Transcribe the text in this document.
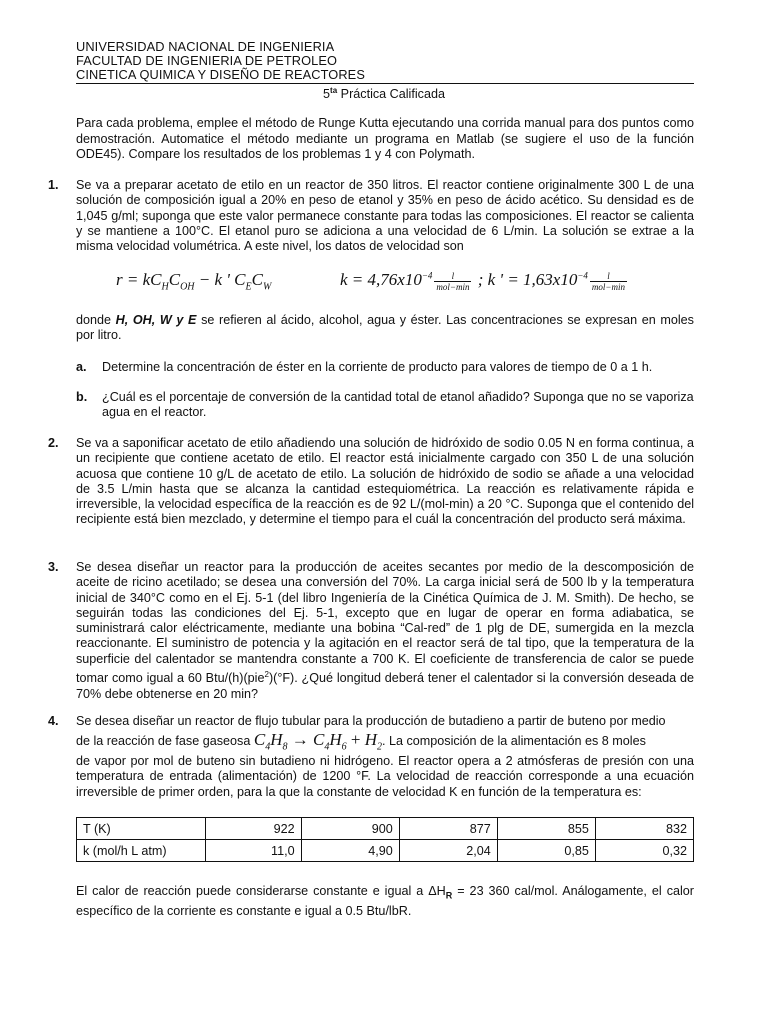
UNIVERSIDAD NACIONAL DE INGENIERIA
FACULTAD DE INGENIERIA DE PETROLEO
CINETICA QUIMICA Y DISEÑO DE REACTORES
$5^{ta}$ Práctica Calificada
Para cada problema, emplee el método de Runge Kutta ejecutando una corrida manual para dos puntos como demostración. Automatice el método mediante un programa en Matlab (se sugiere el uso de la función ODE45). Compare los resultados de los problemas 1 y 4 con Polymath.
1. Se va a preparar acetato de etilo en un reactor de 350 litros. El reactor contiene originalmente 300 L de una solución de composición igual a 20% en peso de etanol y 35% en peso de ácido acético. Su densidad es de 1,045 g/ml; suponga que este valor permanece constante para todas las composiciones. El reactor se calienta y se mantiene a 100°C. El etanol puro se adiciona a una velocidad de 6 L/min. La solución se extrae a la misma velocidad volumétrica. A este nivel, los datos de velocidad son
$r = kC_HC_{OH} - k$ ' $C_EC_W$	$k = 4,76x10^{-4} \frac{l}{\text{mol−min}}$ ; k ' = $1,63x10^{-4} \frac{l}{\text{mol−min}}$
donde H, OH, W y E se refieren al ácido, alcohol, agua y éster. Las concentraciones se expresan en moles por litro.
a. Determine la concentración de éster en la corriente de producto para valores de tiempo de 0 a 1 h.
b. ¿Cuál es el porcentaje de conversión de la cantidad total de etanol añadido? Suponga que no se vaporiza agua en el reactor.
2. Se va a saponificar acetato de etilo añadiendo una solución de hidróxido de sodio 0.05 N en forma continua, a un recipiente que contiene acetato de etilo. El reactor está inicialmente cargado con 350 L de una solución acuosa que contiene 10 g/L de acetato de etilo. La solución de hidróxido de sodio se añade a una velocidad de 3.5 L/min hasta que se alcanza la cantidad estequiométrica. La reacción es relativamente rápida e irreversible, la velocidad específica de la reacción es de 92 L/(mol-min) a 20 °C. Suponga que el contenido del recipiente está bien mezclado, y determine el tiempo para el cuál la concentración del producto será máxima.
3. Se desea diseñar un reactor para la producción de aceites secantes por medio de la descomposición de aceite de ricino acetilado; se desea una conversión del 70%. La carga inicial será de 500 lb y la temperatura inicial de 340°C como en el Ej. 5-1 (del libro Ingeniería de la Cinética Química de J. M. Smith). De hecho, se seguirán todas las condiciones del Ej. 5-1, excepto que en lugar de operar en forma adiabatica, se suministrará calor eléctricamente, mediante una bobina “Cal-red” de 1 plg de DE, sumergida en la mezcla reaccionante. El suministro de potencia y la agitación en el reactor será de tal tipo, que la temperatura de la superficie del calentador se mantendra constante a 700 K. El coeficiente de transferencia de calor se puede tomar como igual a 60 Btu/(h)(pie$^2$)(°F). ¿Qué longitud deberá tener el calentador si la conversión deseada de 70% debe obtenerse en 20 min?
4. Se desea diseñar un reactor de flujo tubular para la producción de butadieno a partir de buteno por medio
de la reacción de fase gaseosa $C_4H_8 \to C_4H_6 + H_2$. La composición de la alimentación es 8 moles
de vapor por mol de buteno sin butadieno ni hidrógeno. El reactor opera a 2 atmósferas de presión con una temperatura de entrada (alimentación) de 1200 °F. La velocidad de reacción corresponde a una ecuación irreversible de primer orden, para la que la constante de velocidad K en función de la temperatura es:
T (K)	922	900	877	855	832
k (mol/h L atm)	11,0	4,90	2,04	0,85	0,32
El calor de reacción puede considerarse constante e igual a $\Delta H_R = 23$ 360 cal/mol. Análogamente, el calor específico de la corriente es constante e igual a 0.5 Btu/lbR.
